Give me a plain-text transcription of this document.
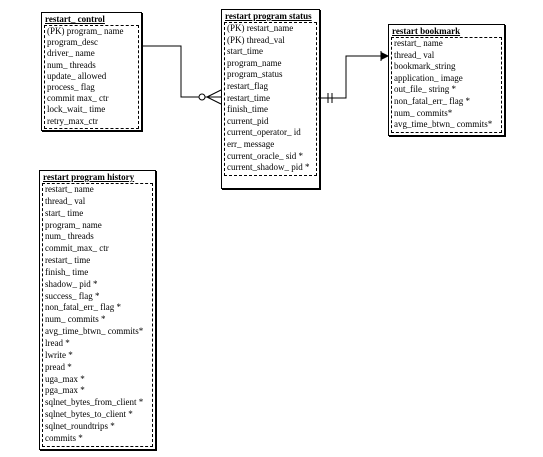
restart_ control
(PK) program_ name
program_desc
driver_ name
num_ threads
update_ allowed
process_ flag
commit max_ ctr
lock_wait_ time
retry_max_ctr
restart program status
(PK) restart_name
(PK) thread_val
start_time
program_name
program_status
restart_flag
restart_time
finish_time
current_pid
current_operator_ id
err_ message
current_oracle_ sid *
current_shadow_ pid *
restart bookmark
restart_ name
thread_ val
bookmark_string
application_ image
out_file_ string *
non_fatal_err_ flag *
num_ commits*
avg_time_btwn_ commits*
restart program history
restart_ name
thread_ val
start_ time
program_ name
num_ threads
commit_max_ ctr
restart_ time
finish_ time
shadow_ pid *
success_ flag *
non_fatal_err_ flag *
num_ commits *
avg_time_btwn_ commits*
lread *
lwrite *
pread *
uga_max *
pga_max *
sqlnet_bytes_from_client *
sqlnet_bytes_to_client *
sqlnet_roundtrips *
commits *
